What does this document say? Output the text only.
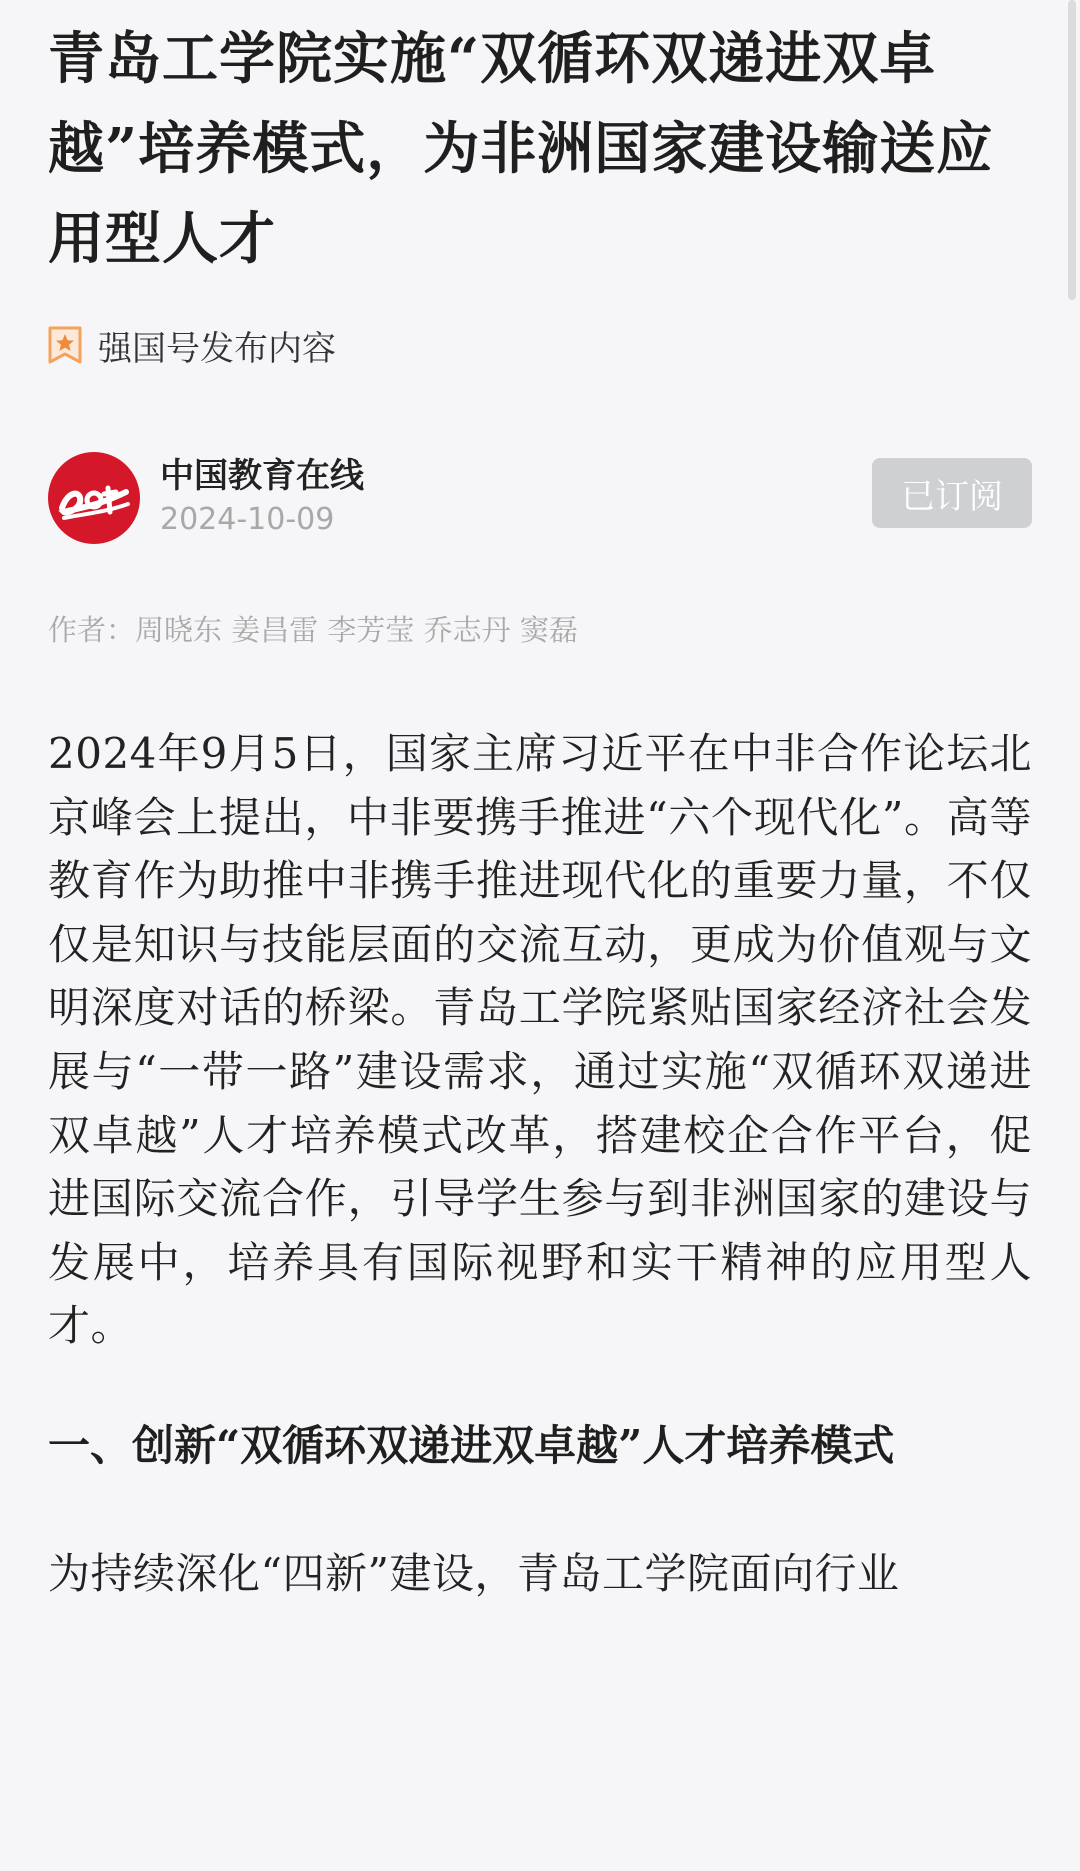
青岛工学院实施“双循环双递进双卓越”培养模式，为非洲国家建设输送应用型人才
强国号发布内容
中国教育在线
2024-10-09
已订阅
作者：周晓东 姜昌雷 李芳莹 乔志丹 窦磊

2024年9月5日，国家主席习近平在中非合作论坛北京峰会上提出，中非要携手推进“六个现代化”。高等教育作为助推中非携手推进现代化的重要力量，不仅仅是知识与技能层面的交流互动，更成为价值观与文明深度对话的桥梁。青岛工学院紧贴国家经济社会发展与“一带一路”建设需求，通过实施“双循环双递进双卓越”人才培养模式改革，搭建校企合作平台，促进国际交流合作，引导学生参与到非洲国家的建设与发展中，培养具有国际视野和实干精神的应用型人才。

一、创新“双循环双递进双卓越”人才培养模式

为持续深化“四新”建设，青岛工学院面向行业
